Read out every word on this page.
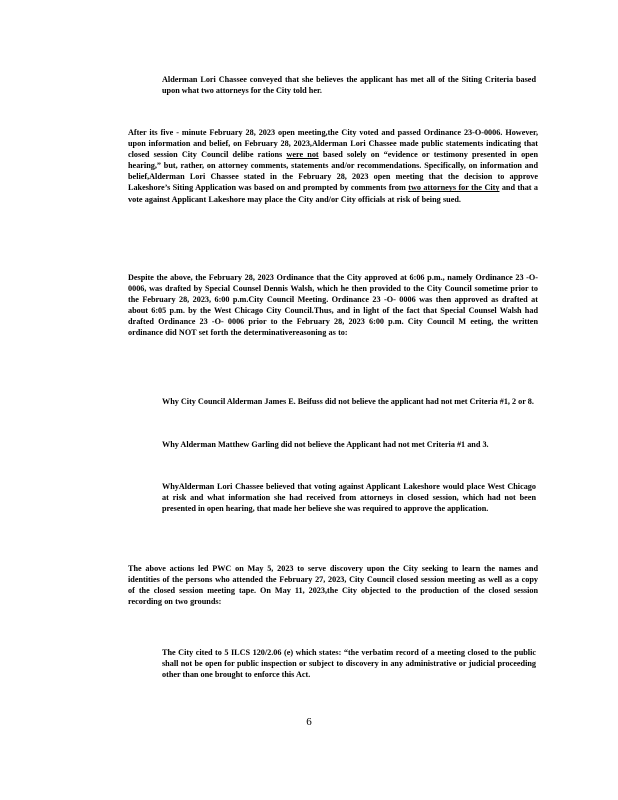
Alderman Lori Chassee conveyed that she believes the applicant has met all of the Siting Criteria based upon what two attorneys for the City told her.
After its five - minute February 28, 2023 open meeting,the City voted and passed Ordinance 23-O-0006. However, upon information and belief, on February 28, 2023,Alderman Lori Chassee made public statements indicating that closed session City Council delibe rations were not based solely on “evidence or testimony presented in open hearing,” but, rather, on attorney comments, statements and/or recommendations. Specifically, on information and belief,Alderman Lori Chassee stated in the February 28, 2023 open meeting that the decision to approve Lakeshore’s Siting Application was based on and prompted by comments from two attorneys for the City and that a vote against Applicant Lakeshore may place the City and/or City officials at risk of being sued.
Despite the above, the February 28, 2023 Ordinance that the City approved at 6:06 p.m., namely Ordinance 23 -O- 0006, was drafted by Special Counsel Dennis Walsh, which he then provided to the City Council sometime prior to the February 28, 2023, 6:00 p.m.City Council Meeting. Ordinance 23 -O- 0006 was then approved as drafted at about 6:05 p.m. by the West Chicago City Council.Thus, and in light of the fact that Special Counsel Walsh had drafted Ordinance 23 -O- 0006 prior to the February 28, 2023 6:00 p.m. City Council M eeting, the written ordinance did NOT set forth the determinativereasoning as to:
Why City Council Alderman James E. Beifuss did not believe the applicant had not met Criteria #1, 2 or 8.
Why Alderman Matthew Garling did not believe the Applicant had not met Criteria #1 and 3.
WhyAlderman Lori Chassee believed that voting against Applicant Lakeshore would place West Chicago at risk and what information she had received from attorneys in closed session, which had not been presented in open hearing, that made her believe she was required to approve the application.
The above actions led PWC on May 5, 2023 to serve discovery upon the City seeking to learn the names and identities of the persons who attended the February 27, 2023, City Council closed session meeting as well as a copy of the closed session meeting tape. On May 11, 2023,the City objected to the production of the closed session recording on two grounds:
The City cited to 5 ILCS 120/2.06 (e) which states: “the verbatim record of a meeting closed to the public shall not be open for public inspection or subject to discovery in any administrative or judicial proceeding other than one brought to enforce this Act.
6
